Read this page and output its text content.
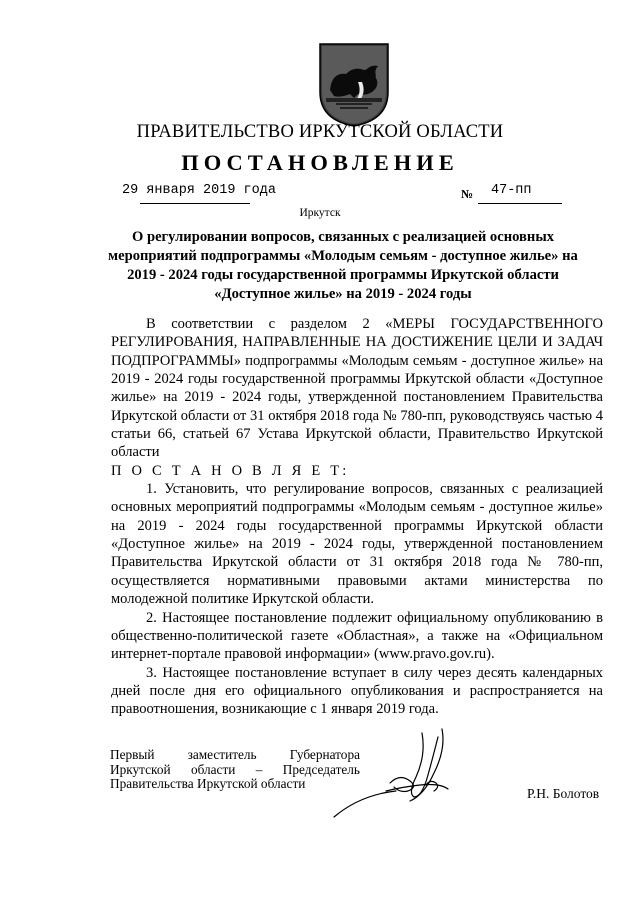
ПРАВИТЕЛЬСТВО ИРКУТСКОЙ ОБЛАСТИ
ПОСТАНОВЛЕНИЕ
29 января 2019 года	№ 47-пп
Иркутск
О регулировании вопросов, связанных с реализацией основных мероприятий подпрограммы «Молодым семьям - доступное жилье» на 2019 - 2024 годы государственной программы Иркутской области «Доступное жилье» на 2019 - 2024 годы

В соответствии с разделом 2 «МЕРЫ ГОСУДАРСТВЕННОГО РЕГУЛИРОВАНИЯ, НАПРАВЛЕННЫЕ НА ДОСТИЖЕНИЕ ЦЕЛИ И ЗАДАЧ ПОДПРОГРАММЫ» подпрограммы «Молодым семьям - доступное жилье» на 2019 - 2024 годы государственной программы Иркутской области «Доступное жилье» на 2019 - 2024 годы, утвержденной постановлением Правительства Иркутской области от 31 октября 2018 года № 780-пп, руководствуясь частью 4 статьи 66, статьей 67 Устава Иркутской области, Правительство Иркутской области

П О С Т А Н О В Л Я Е Т:

1. Установить, что регулирование вопросов, связанных с реализацией основных мероприятий подпрограммы «Молодым семьям - доступное жилье» на 2019 - 2024 годы государственной программы Иркутской области «Доступное жилье» на 2019 - 2024 годы, утвержденной постановлением Правительства Иркутской области от 31 октября 2018 года № 780-пп, осуществляется нормативными правовыми актами министерства по молодежной политике Иркутской области.

2. Настоящее постановление подлежит официальному опубликованию в общественно-политической газете «Областная», а также на «Официальном интернет-портале правовой информации» (www.pravo.gov.ru).

3. Настоящее постановление вступает в силу через десять календарных дней после дня его официального опубликования и распространяется на правоотношения, возникающие с 1 января 2019 года.

Первый заместитель Губернатора
Иркутской области – Председатель
Правительства Иркутской области
Р.Н. Болотов
